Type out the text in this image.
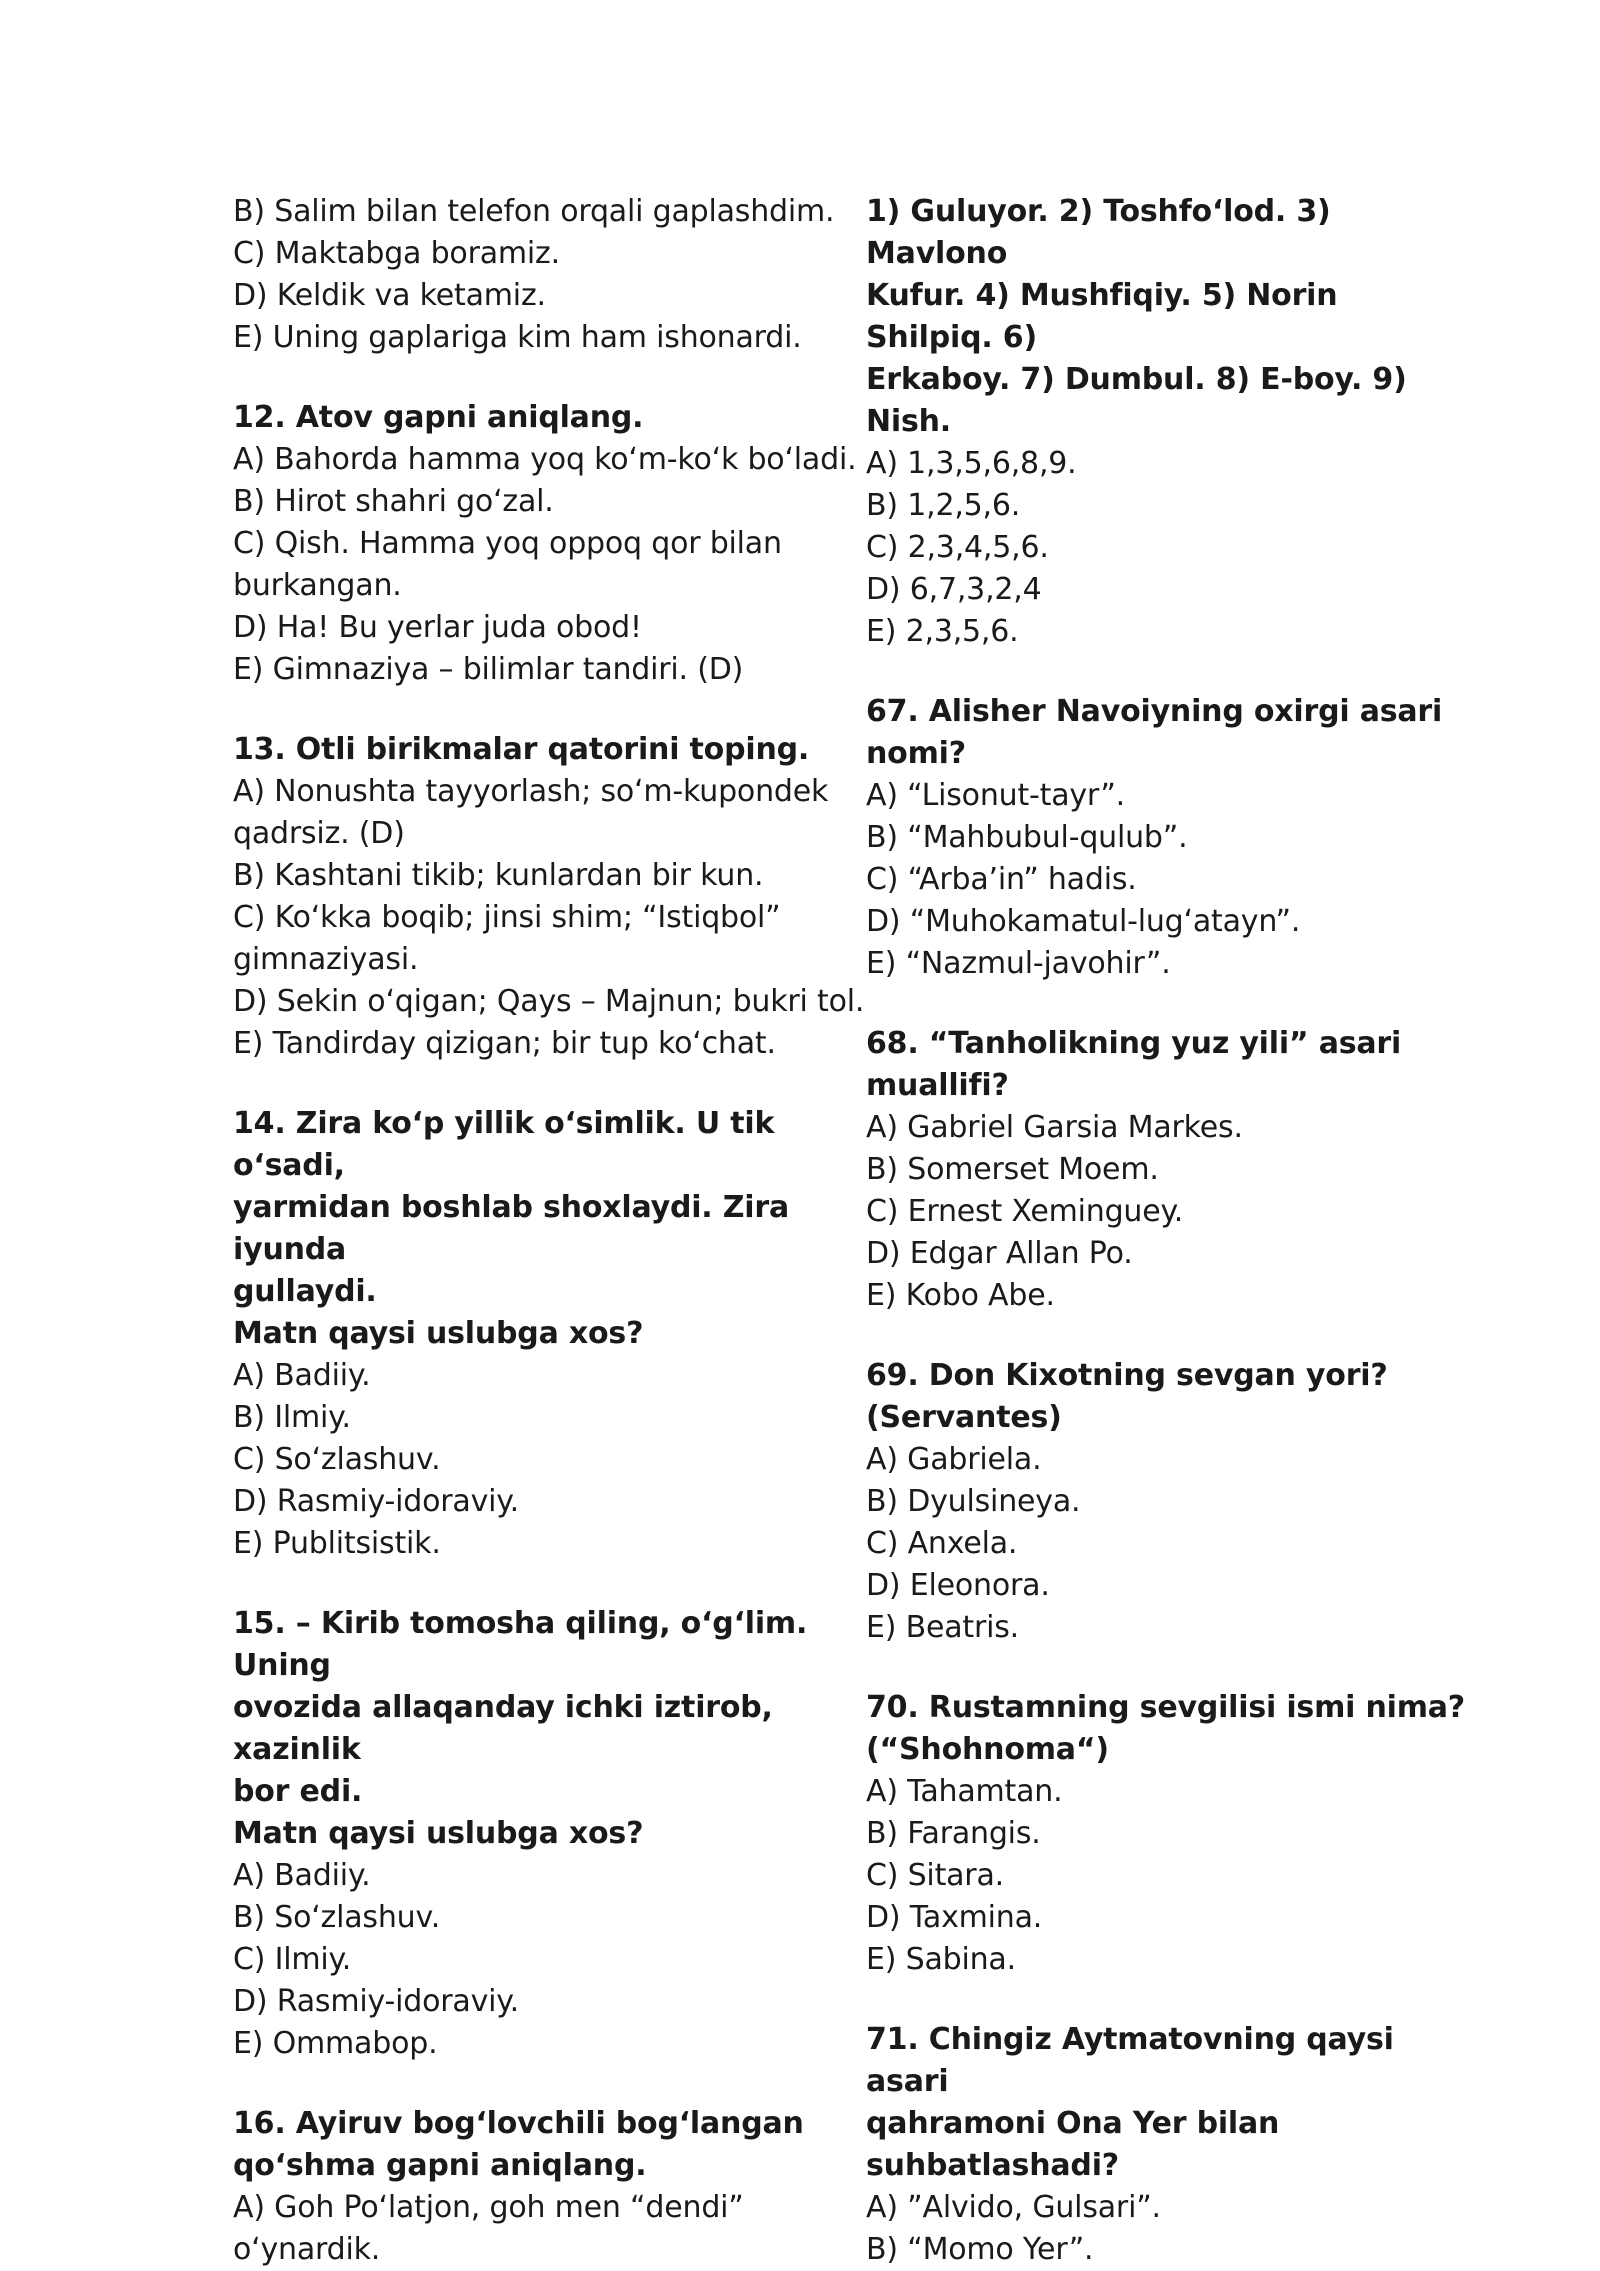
B) Salim bilan telefon orqali gaplashdim.
C) Maktabga boramiz.
D) Keldik va ketamiz.
E) Uning gaplariga kim ham ishonardi.
12. Atov gapni aniqlang.
A) Bahorda hamma yoq ko‘m-ko‘k bo‘ladi.
B) Hirot shahri go‘zal.
C) Qish. Hamma yoq oppoq qor bilan
burkangan.
D) Ha! Bu yerlar juda obod!
E) Gimnaziya – bilimlar tandiri. (D)
13. Otli birikmalar qatorini toping.
A) Nonushta tayyorlash; so‘m-kupondek
qadrsiz. (D)
B) Kashtani tikib; kunlardan bir kun.
C) Ko‘kka boqib; jinsi shim; “Istiqbol”
gimnaziyasi.
D) Sekin o‘qigan; Qays – Majnun; bukri tol.
E) Tandirday qizigan; bir tup ko‘chat.
14. Zira ko‘p yillik o‘simlik. U tik o‘sadi,
yarmidan boshlab shoxlaydi. Zira iyunda
gullaydi.
Matn qaysi uslubga xos?
A) Badiiy.
B) Ilmiy.
C) So‘zlashuv.
D) Rasmiy-idoraviy.
E) Publitsistik.
15. – Kirib tomosha qiling, o‘g‘lim. Uning
ovozida allaqanday ichki iztirob, xazinlik
bor edi.
Matn qaysi uslubga xos?
A) Badiiy.
B) So‘zlashuv.
C) Ilmiy.
D) Rasmiy-idoraviy.
E) Ommabop.
16. Ayiruv bog‘lovchili bog‘langan
qo‘shma gapni aniqlang.
A) Goh Po‘latjon, goh men “dendi”
o‘ynardik.
1) Guluyor. 2) Toshfo‘lod. 3) Mavlono
Kufur. 4) Mushfiqiy. 5) Norin Shilpiq. 6)
Erkaboy. 7) Dumbul. 8) E-boy. 9) Nish.
A) 1,3,5,6,8,9.
B) 1,2,5,6.
C) 2,3,4,5,6.
D) 6,7,3,2,4
E) 2,3,5,6.
67. Alisher Navoiyning oxirgi asari
nomi?
A) “Lisonut-tayr”.
B) “Mahbubul-qulub”.
C) “Arba’in” hadis.
D) “Muhokamatul-lug‘atayn”.
E) “Nazmul-javohir”.
68. “Tanholikning yuz yili” asari
muallifi?
A) Gabriel Garsia Markes.
B) Somerset Moem.
C) Ernest Xeminguey.
D) Edgar Allan Po.
E) Kobo Abe.
69. Don Kixotning sevgan yori?
(Servantes)
A) Gabriela.
B) Dyulsineya.
C) Anxela.
D) Eleonora.
E) Beatris.
70. Rustamning sevgilisi ismi nima?
(“Shohnoma“)
A) Tahamtan.
B) Farangis.
C) Sitara.
D) Taxmina.
E) Sabina.
71. Chingiz Aytmatovning qaysi asari
qahramoni Ona Yer bilan
suhbatlashadi?
A) ”Alvido, Gulsari”.
B) “Momo Yer”.
